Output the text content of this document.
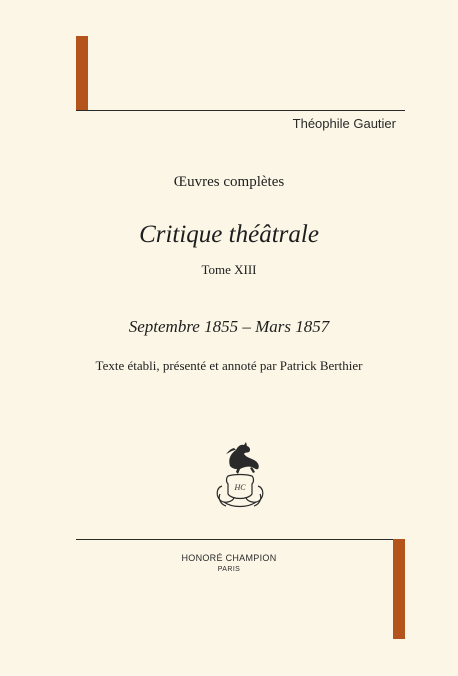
Théophile Gautier
Œuvres complètes
Critique théâtrale
Tome XIII
Septembre 1855 – Mars 1857
Texte établi, présenté et annoté par Patrick Berthier
HC
HONORÉ CHAMPION
PARIS
